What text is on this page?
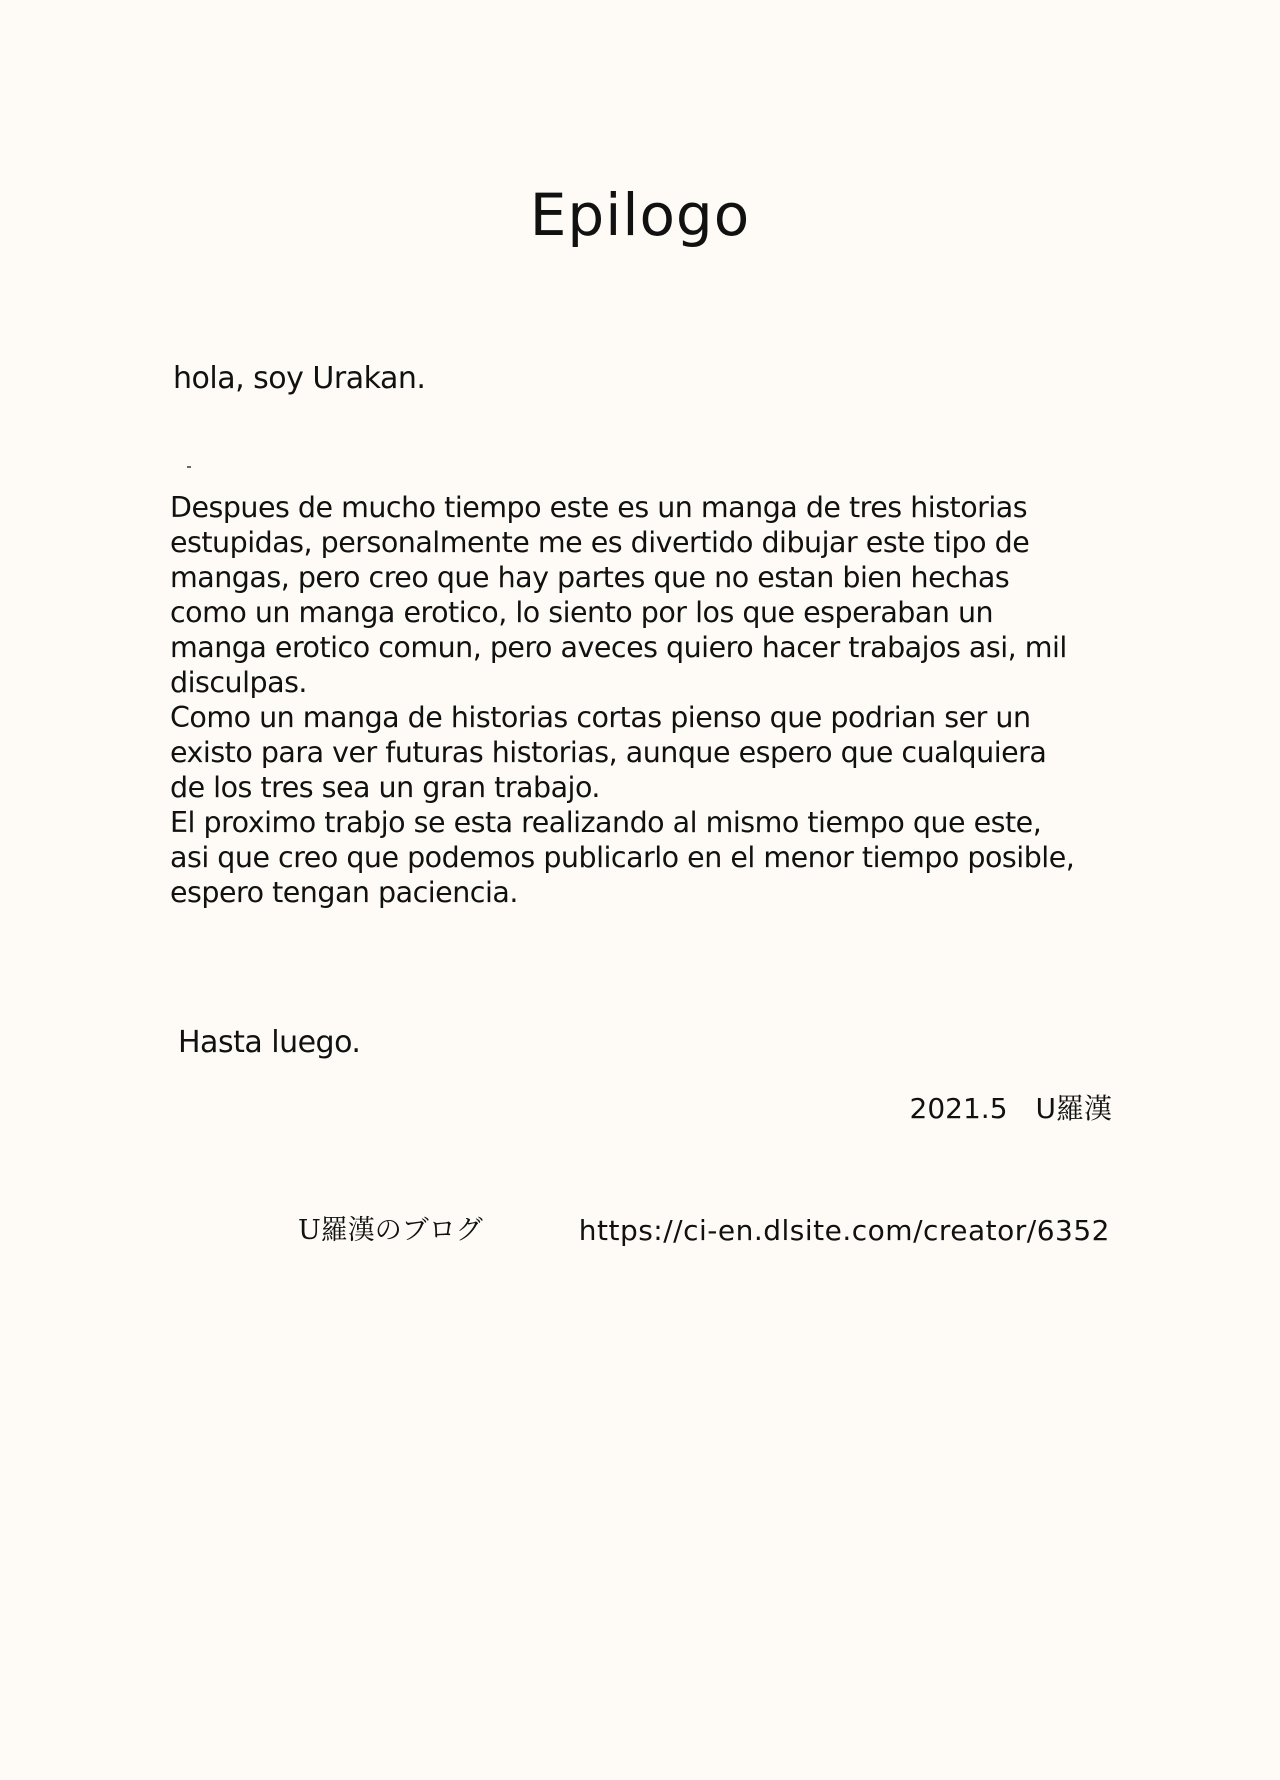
Epilogo
hola, soy Urakan.
Despues de mucho tiempo este es un manga de tres historias
estupidas, personalmente me es divertido dibujar este tipo de
mangas, pero creo que hay partes que no estan bien hechas
como un manga erotico, lo siento por los que esperaban un
manga erotico comun, pero aveces quiero hacer trabajos asi, mil
disculpas.
Como un manga de historias cortas pienso que podrian ser un
existo para ver futuras historias, aunque espero que cualquiera
de los tres sea un gran trabajo.
El proximo trabjo se esta realizando al mismo tiempo que este,
asi que creo que podemos publicarlo en el menor tiempo posible,
espero tengan paciencia.
Hasta luego.
2021.5　U羅漢
U羅漢のブログ	https://ci-en.dlsite.com/creator/6352
